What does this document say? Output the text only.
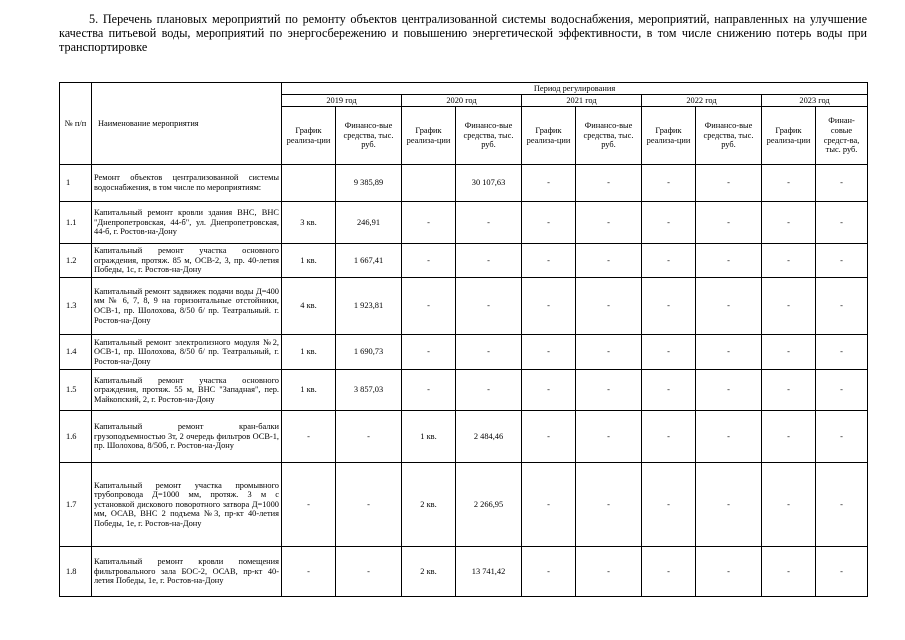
5. Перечень плановых мероприятий по ремонту объектов централизованной системы водоснабжения, мероприятий, направленных на улучшение качества питьевой воды, мероприятий по энергосбережению и повышению энергетической эффективности, в том числе снижению потерь воды при транспортировке
№ п/п	Наименование мероприятия	Период регулирования									
		2019 год		2020 год		2021 год		2022 год		2023 год	
		График реализа-ции	Финансо-вые средства, тыс. руб.	График реализа-ции	Финансо-вые средства, тыс. руб.	График реализа-ции	Финансо-вые средства, тыс. руб.	График реализа-ции	Финансо-вые средства, тыс. руб.	График реализа-ции	Финан-совые средст-ва, тыс. руб.
1	Ремонт объектов централизованной системы водоснабжения, в том числе по мероприятиям:		9 385,89		30 107,63	-	-	-	-	-	-
1.1	Капитальный ремонт кровли здания ВНС, ВНС "Днепропетровская, 44-б", ул. Днепропетровская, 44-б, г. Ростов-на-Дону	3 кв.	246,91	-	-	-	-	-	-	-	-
1.2	Капитальный ремонт участка основного ограждения, протяж. 85 м, ОСВ-2, 3, пр. 40-летия Победы, 1с, г. Ростов-на-Дону	1 кв.	1 667,41	-	-	-	-	-	-	-	-
1.3	Капитальный ремонт задвижек подачи воды Д=400 мм № 6, 7, 8, 9 на горизонтальные отстойники, ОСВ-1, пр. Шолохова, 8/50 б/ пр. Театральный. г. Ростов-на-Дону	4 кв.	1 923,81	-	-	-	-	-	-	-	-
1.4	Капитальный ремонт электролизного модуля №2, ОСВ-1, пр. Шолохова, 8/50 б/ пр. Театральный, г. Ростов-на-Дону	1 кв.	1 690,73	-	-	-	-	-	-	-	-
1.5	Капитальный ремонт участка основного ограждения, протяж. 55 м, ВНС "Западная", пер. Майкопский, 2, г. Ростов-на-Дону	1 кв.	3 857,03	-	-	-	-	-	-	-	-
1.6	Капитальный ремонт кран-балки грузоподъемностью 3т, 2 очередь фильтров ОСВ-1, пр. Шолохова, 8/50б, г. Ростов-на-Дону	-	-	1 кв.	2 484,46	-	-	-	-	-	-
1.7	Капитальный ремонт участка промывного трубопровода Д=1000 мм, протяж. 3 м с установкой дискового поворотного затвора Д=1000 мм, ОСАВ, ВНС 2 подъема №3, пр-кт 40-летия Победы, 1е, г. Ростов-на-Дону	-	-	2 кв.	2 266,95	-	-	-	-	-	-
1.8	Капитальный ремонт кровли помещения фильтровального зала БОС-2, ОСАВ, пр-кт 40-летия Победы, 1е, г. Ростов-на-Дону	-	-	2 кв.	13 741,42	-	-	-	-	-	-
